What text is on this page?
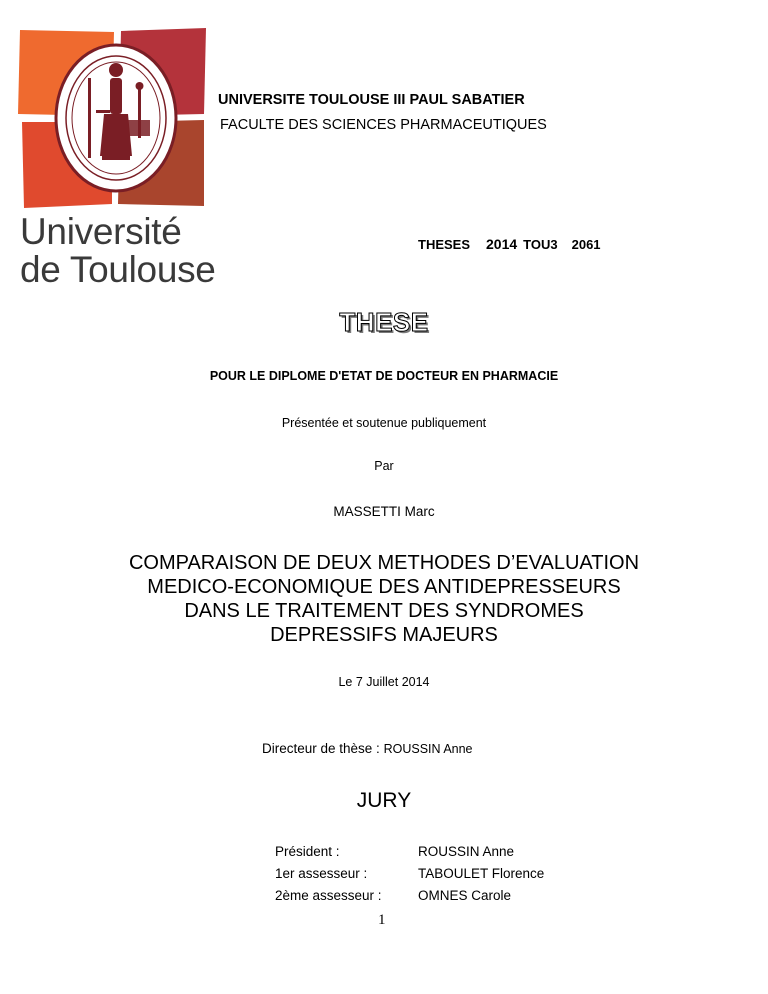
Université
de Toulouse
UNIVERSITE TOULOUSE III PAUL SABATIER
FACULTE DES SCIENCES PHARMACEUTIQUES
THESES 2014 TOU3 2061
THESE
POUR LE DIPLOME D'ETAT DE DOCTEUR EN PHARMACIE
Présentée et soutenue publiquement
Par
MASSETTI Marc
COMPARAISON DE DEUX METHODES D’EVALUATION
MEDICO-ECONOMIQUE DES ANTIDEPRESSEURS
DANS LE TRAITEMENT DES SYNDROMES
DEPRESSIFS MAJEURS
Le 7 Juillet 2014
Directeur de thèse : ROUSSIN Anne
JURY
Président :	ROUSSIN Anne
1er assesseur :	TABOULET Florence
2ème assesseur :	OMNES Carole
1
